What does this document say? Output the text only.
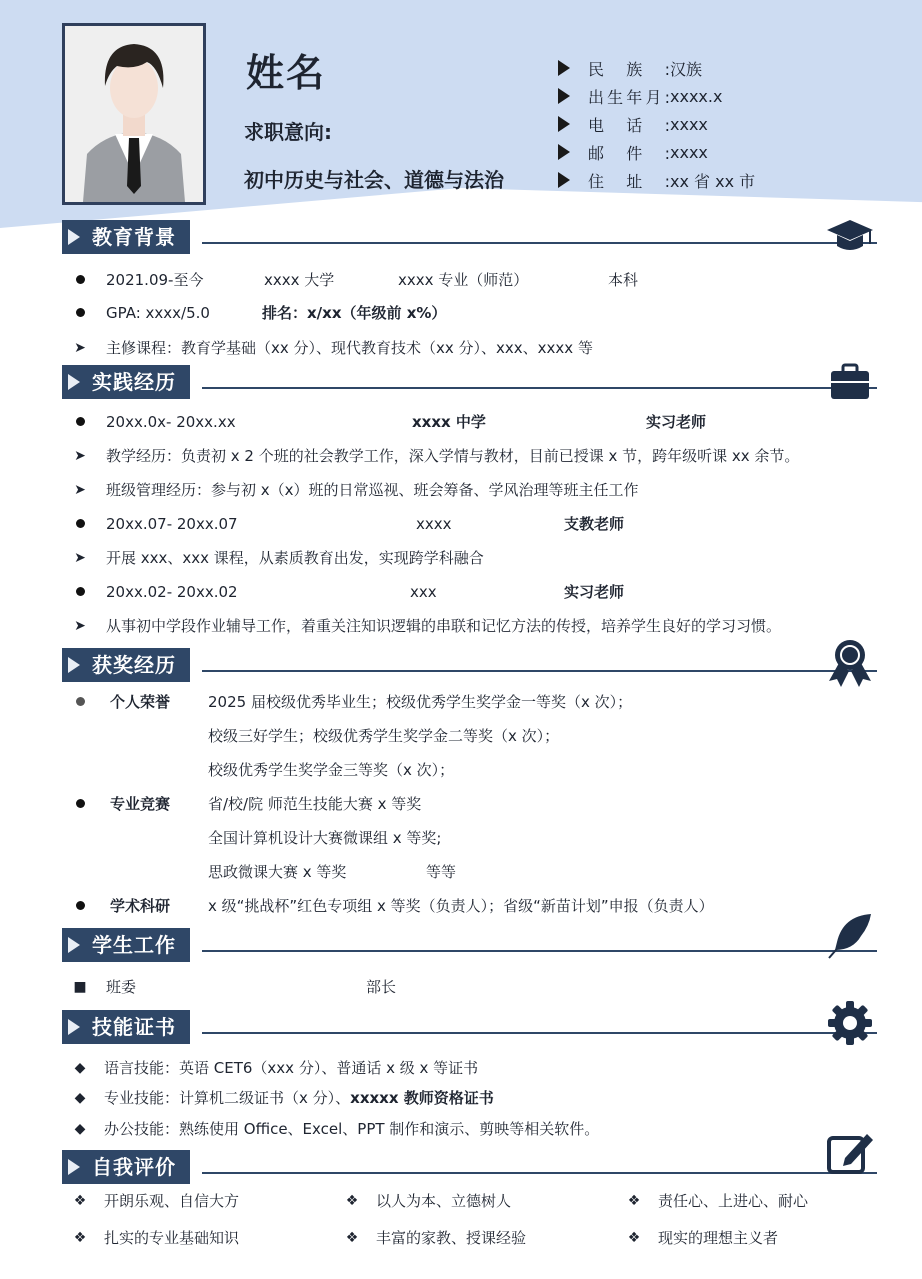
姓名
求职意向:
初中历史与社会、道德与法治
民族: 汉族
出生年月: xxxx.x
电话: xxxx
邮件: xxxx
住址: xx 省 xx 市
教育背景
2021.09-至今	xxxx 大学	xxxx 专业（师范）	本科
GPA: xxxx/5.0	排名：x/xx（年级前 x%）
➤ 主修课程：教育学基础（xx 分）、现代教育技术（xx 分）、xxx、xxxx 等
实践经历
20xx.0x- 20xx.xx	xxxx 中学	实习老师
➤ 教学经历：负责初 x 2 个班的社会教学工作，深入学情与教材，目前已授课 x 节，跨年级听课 xx 余节。
➤ 班级管理经历：参与初 x（x）班的日常巡视、班会筹备、学风治理等班主任工作
20xx.07- 20xx.07	xxxx	支教老师
➤ 开展 xxx、xxx 课程，从素质教育出发，实现跨学科融合
20xx.02- 20xx.02	xxx	实习老师
➤ 从事初中学段作业辅导工作，着重关注知识逻辑的串联和记忆方法的传授，培养学生良好的学习习惯。
获奖经历
个人荣誉	2025 届校级优秀毕业生；校级优秀学生奖学金一等奖（x 次）；
校级三好学生；校级优秀学生奖学金二等奖（x 次）；
校级优秀学生奖学金三等奖（x 次）；
专业竞赛	省/校/院 师范生技能大赛 x 等奖
全国计算机设计大赛微课组 x 等奖;
思政微课大赛 x 等奖	等等
学术科研	x 级“挑战杯”红色专项组 x 等奖（负责人）；省级“新苗计划”申报（负责人）
学生工作
■ 班委	部长
技能证书
◆	语言技能：英语 CET6（xxx 分）、普通话 x 级 x 等证书
◆	专业技能：计算机二级证书（x 分）、xxxxx 教师资格证书
◆	办公技能：熟练使用 Office、Excel、PPT 制作和演示、剪映等相关软件。
自我评价
❖ 开朗乐观、自信大方	❖ 以人为本、立德树人	❖ 责任心、上进心、耐心
❖ 扎实的专业基础知识	❖ 丰富的家教、授课经验	❖ 现实的理想主义者
